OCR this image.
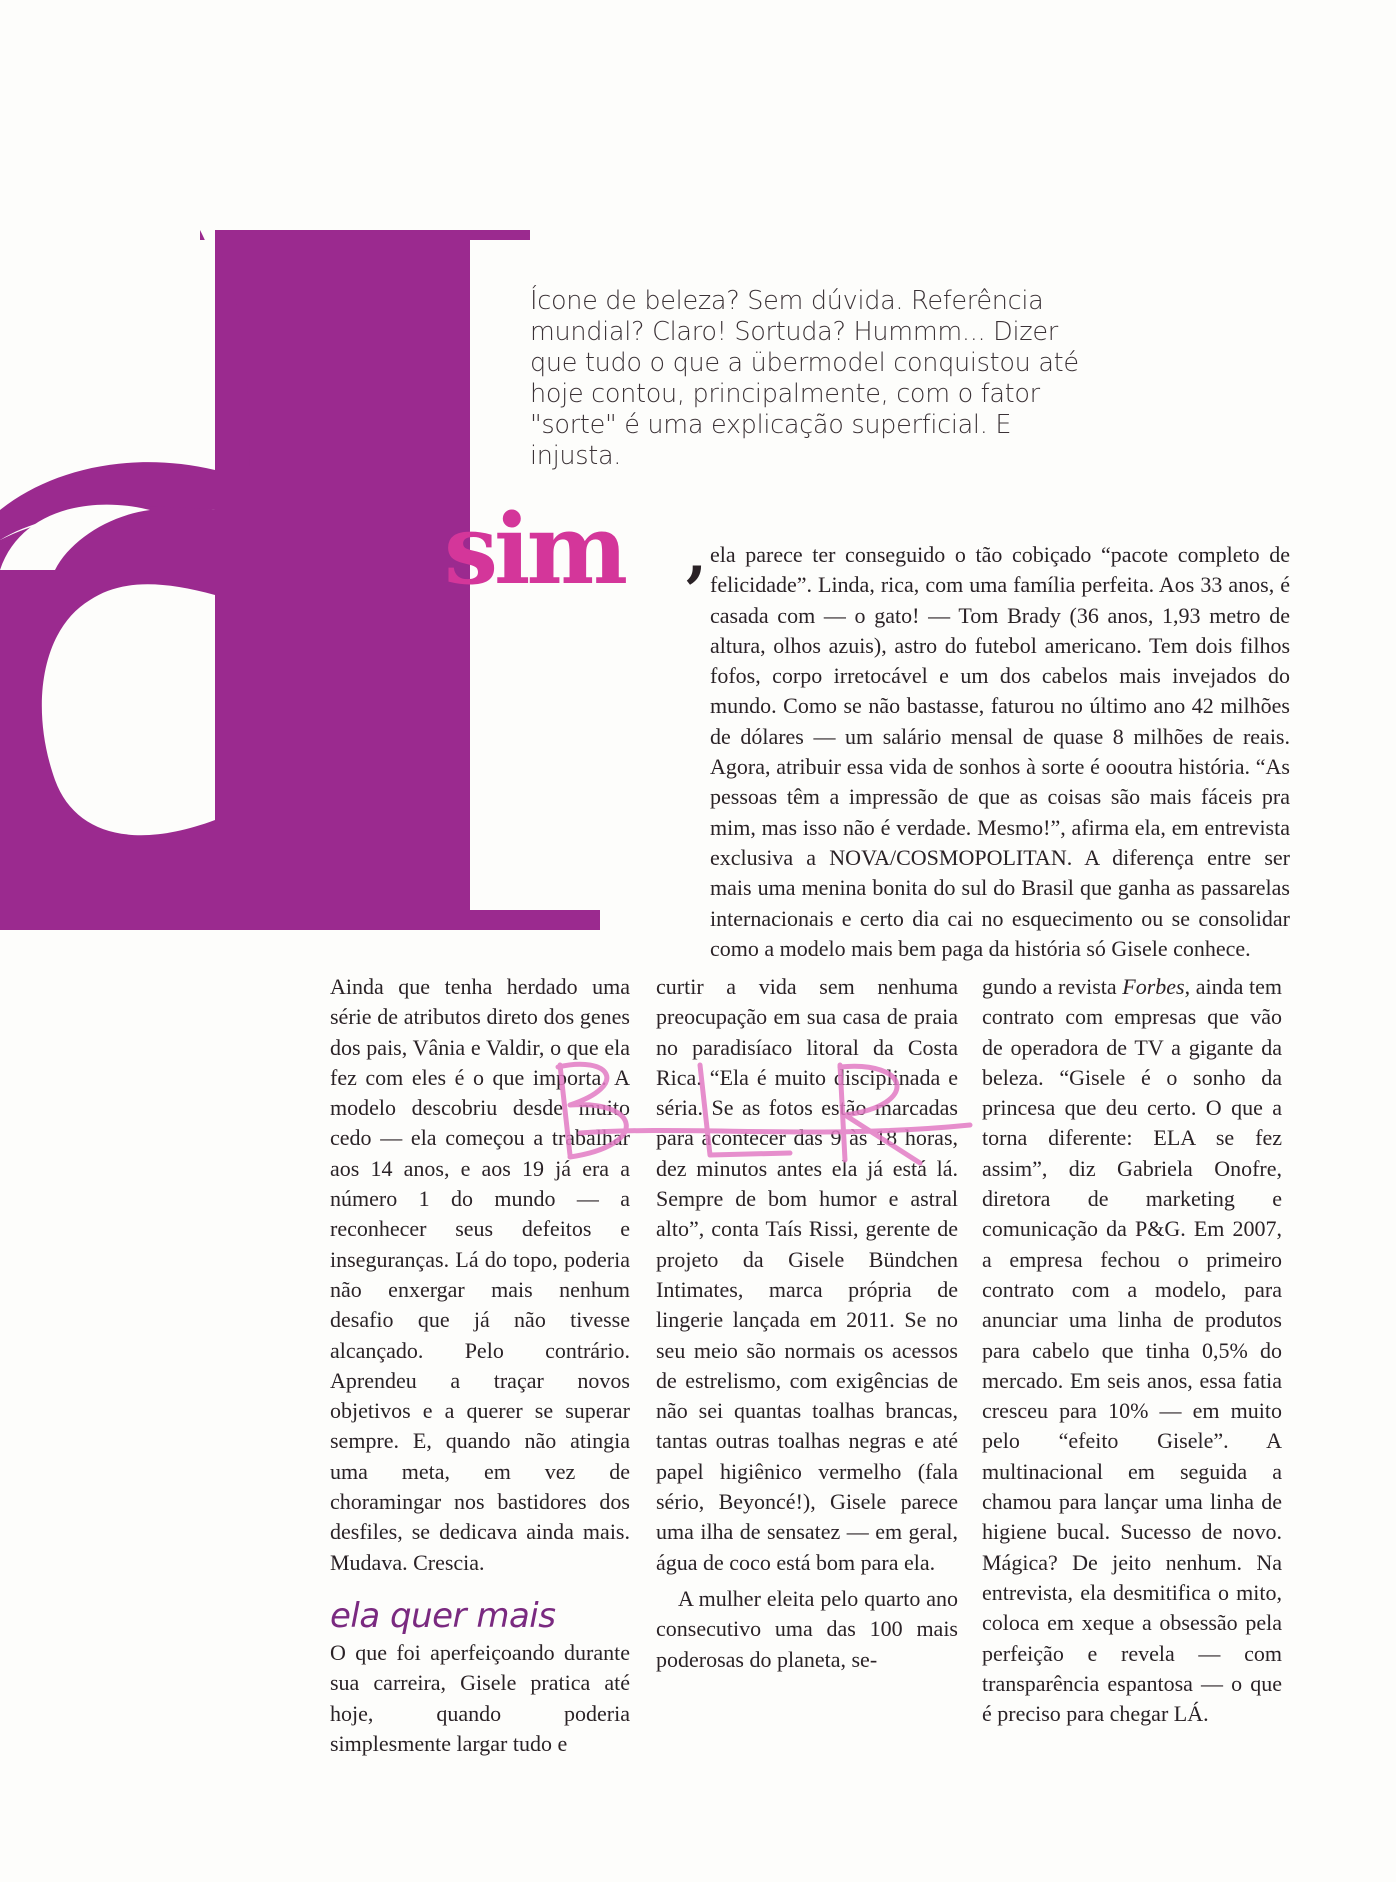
Ícone de beleza? Sem dúvida. Referência mundial? Claro! Sortuda? Hummm... Dizer que tudo o que a übermodel conquistou até hoje contou, principalmente, com o fator "sorte" é uma explicação superficial. E injusta.

sim , ela parece ter conseguido o tão cobiçado “pacote completo de felicidade”. Linda, rica, com uma família perfeita. Aos 33 anos, é casada com — o gato! — Tom Brady (36 anos, 1,93 metro de altura, olhos azuis), astro do futebol americano. Tem dois filhos fofos, corpo irretocável e um dos cabelos mais invejados do mundo. Como se não bastasse, faturou no último ano 42 milhões de dólares — um salário mensal de quase 8 milhões de reais. Agora, atribuir essa vida de sonhos à sorte é oooutra história. “As pessoas têm a impressão de que as coisas são mais fáceis pra mim, mas isso não é verdade. Mesmo!”, afirma ela, em entrevista exclusiva a NOVA/COSMOPOLITAN. A diferença entre ser mais uma menina bonita do sul do Brasil que ganha as passarelas internacionais e certo dia cai no esquecimento ou se consolidar como a modelo mais bem paga da história só Gisele conhece.

Ainda que tenha herdado uma série de atributos direto dos genes dos pais, Vânia e Valdir, o que ela fez com eles é o que importa. A modelo descobriu desde muito cedo — ela começou a trabalhar aos 14 anos, e aos 19 já era a número 1 do mundo — a reconhecer seus defeitos e inseguranças. Lá do topo, poderia não enxergar mais nenhum desafio que já não tivesse alcançado. Pelo contrário. Aprendeu a traçar novos objetivos e a querer se superar sempre. E, quando não atingia uma meta, em vez de choramingar nos bastidores dos desfiles, se dedicava ainda mais. Mudava. Crescia.

ela quer mais

O que foi aperfeiçoando durante sua carreira, Gisele pratica até hoje, quando poderia simplesmente largar tudo e

curtir a vida sem nenhuma preocupação em sua casa de praia no paradisíaco litoral da Costa Rica. “Ela é muito disciplinada e séria. Se as fotos estão marcadas para acontecer das 9 às 18 horas, dez minutos antes ela já está lá. Sempre de bom humor e astral alto”, conta Taís Rissi, gerente de projeto da Gisele Bündchen Intimates, marca própria de lingerie lançada em 2011. Se no seu meio são normais os acessos de estrelismo, com exigências de não sei quantas toalhas brancas, tantas outras toalhas negras e até papel higiênico vermelho (fala sério, Beyoncé!), Gisele parece uma ilha de sensatez — em geral, água de coco está bom para ela.

A mulher eleita pelo quarto ano consecutivo uma das 100 mais poderosas do planeta, se-

gundo a revista Forbes, ainda tem contrato com empresas que vão de operadora de TV a gigante da beleza. “Gisele é o sonho da princesa que deu certo. O que a torna diferente: ELA se fez assim”, diz Gabriela Onofre, diretora de marketing e comunicação da P&G. Em 2007, a empresa fechou o primeiro contrato com a modelo, para anunciar uma linha de produtos para cabelo que tinha 0,5% do mercado. Em seis anos, essa fatia cresceu para 10% — em muito pelo “efeito Gisele”. A multinacional em seguida a chamou para lançar uma linha de higiene bucal. Sucesso de novo. Mágica? De jeito nenhum. Na entrevista, ela desmitifica o mito, coloca em xeque a obsessão pela perfeição e revela — com transparência espantosa — o que é preciso para chegar LÁ.
